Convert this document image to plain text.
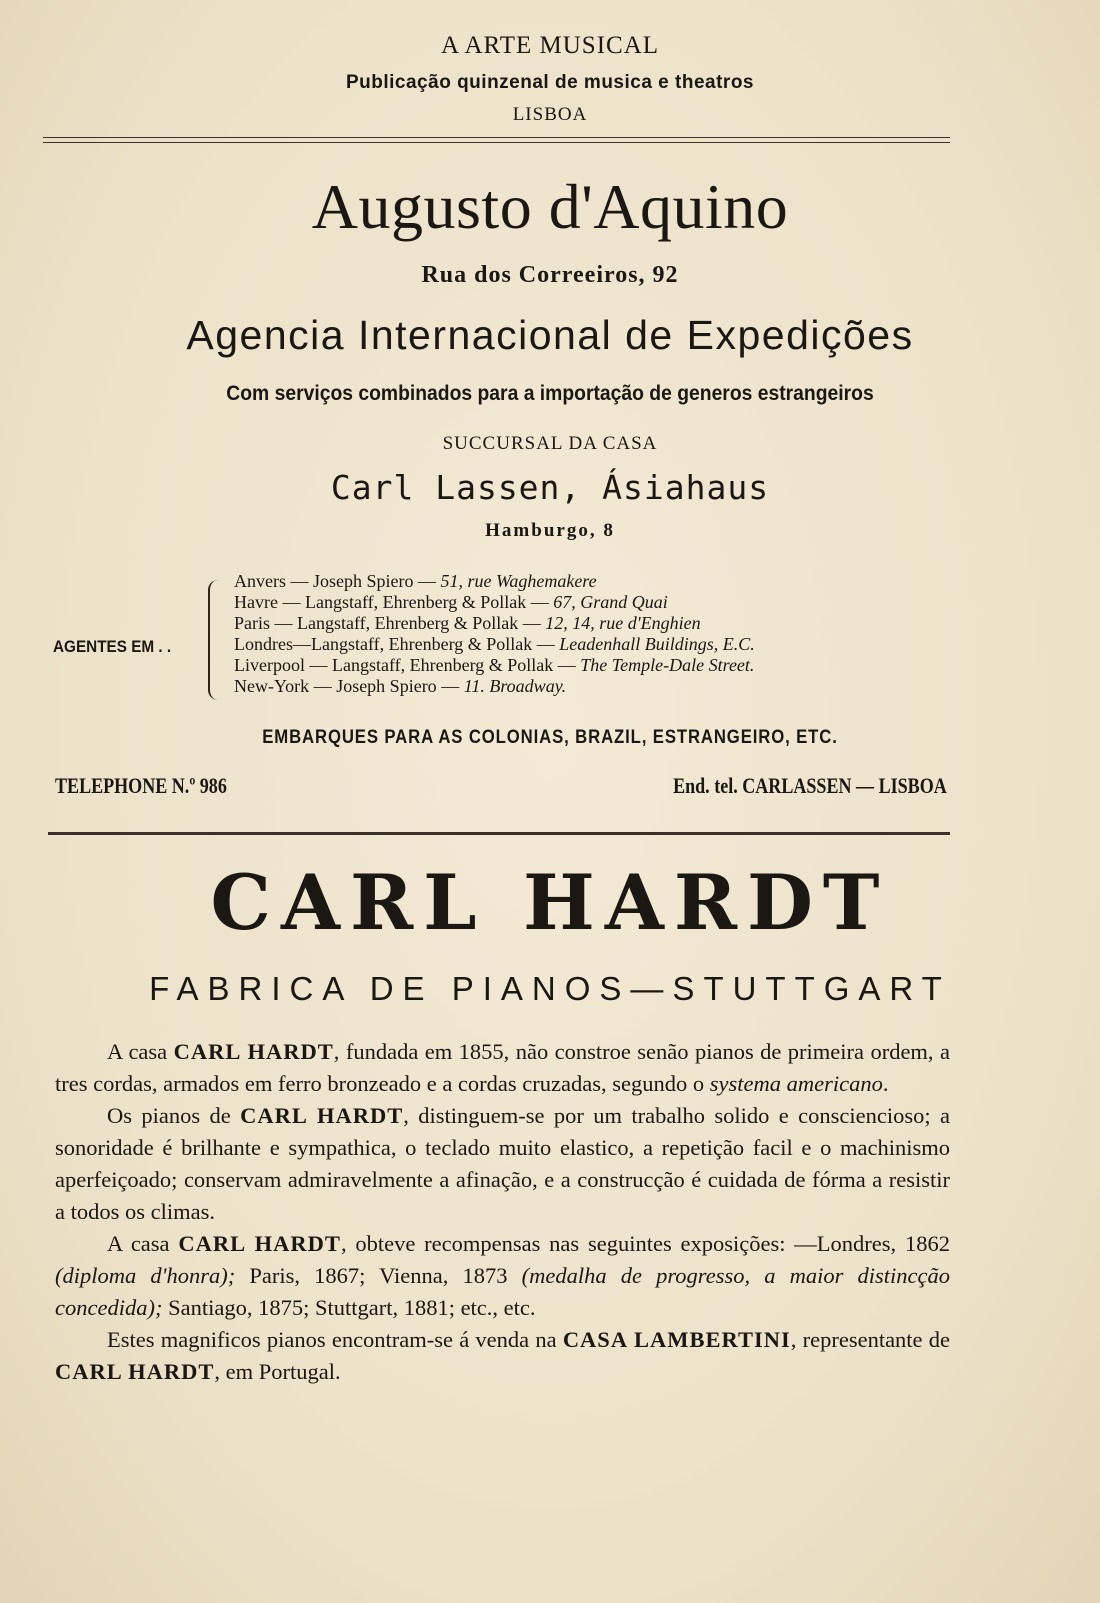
A ARTE MUSICAL
Publicação quinzenal de musica e theatros
LISBOA
Augusto d'Aquino
Rua dos Correeiros, 92
Agencia Internacional de Expedições
Com serviços combinados para a importação de generos estrangeiros
SUCCURSAL DA CASA
Carl Lassen, Ásiahaus
Hamburgo, 8
AGENTES EM . .
Anvers — Joseph Spiero — 51, rue Waghemakere
Havre — Langstaff, Ehrenberg & Pollak — 67, Grand Quai
Paris — Langstaff, Ehrenberg & Pollak — 12, 14, rue d'Enghien
Londres—Langstaff, Ehrenberg & Pollak — Leadenhall Buildings, E.C.
Liverpool — Langstaff, Ehrenberg & Pollak — The Temple-Dale Street.
New-York — Joseph Spiero — 11. Broadway.
EMBARQUES PARA AS COLONIAS, BRAZIL, ESTRANGEIRO, ETC.
TELEPHONE N.º 986	End. tel. CARLASSEN — LISBOA
CARL HARDT
FABRICA DE PIANOS—STUTTGART

A casa CARL HARDT, fundada em 1855, não constroe senão pianos de primeira ordem, a tres cordas, armados em ferro bronzeado e a cordas cruzadas, segundo o systema americano.

Os pianos de CARL HARDT, distinguem-se por um trabalho solido e consciencioso; a sonoridade é brilhante e sympathica, o teclado muito elastico, a repetição facil e o machinismo aperfeiçoado; conservam admiravelmente a afinação, e a construcção é cuidada de fórma a resistir a todos os climas.

A casa CARL HARDT, obteve recompensas nas seguintes exposições: —Londres, 1862 (diploma d'honra); Paris, 1867; Vienna, 1873 (medalha de progresso, a maior distincção concedida); Santiago, 1875; Stuttgart, 1881; etc., etc.

Estes magnificos pianos encontram-se á venda na CASA LAMBERTINI, representante de CARL HARDT, em Portugal.
